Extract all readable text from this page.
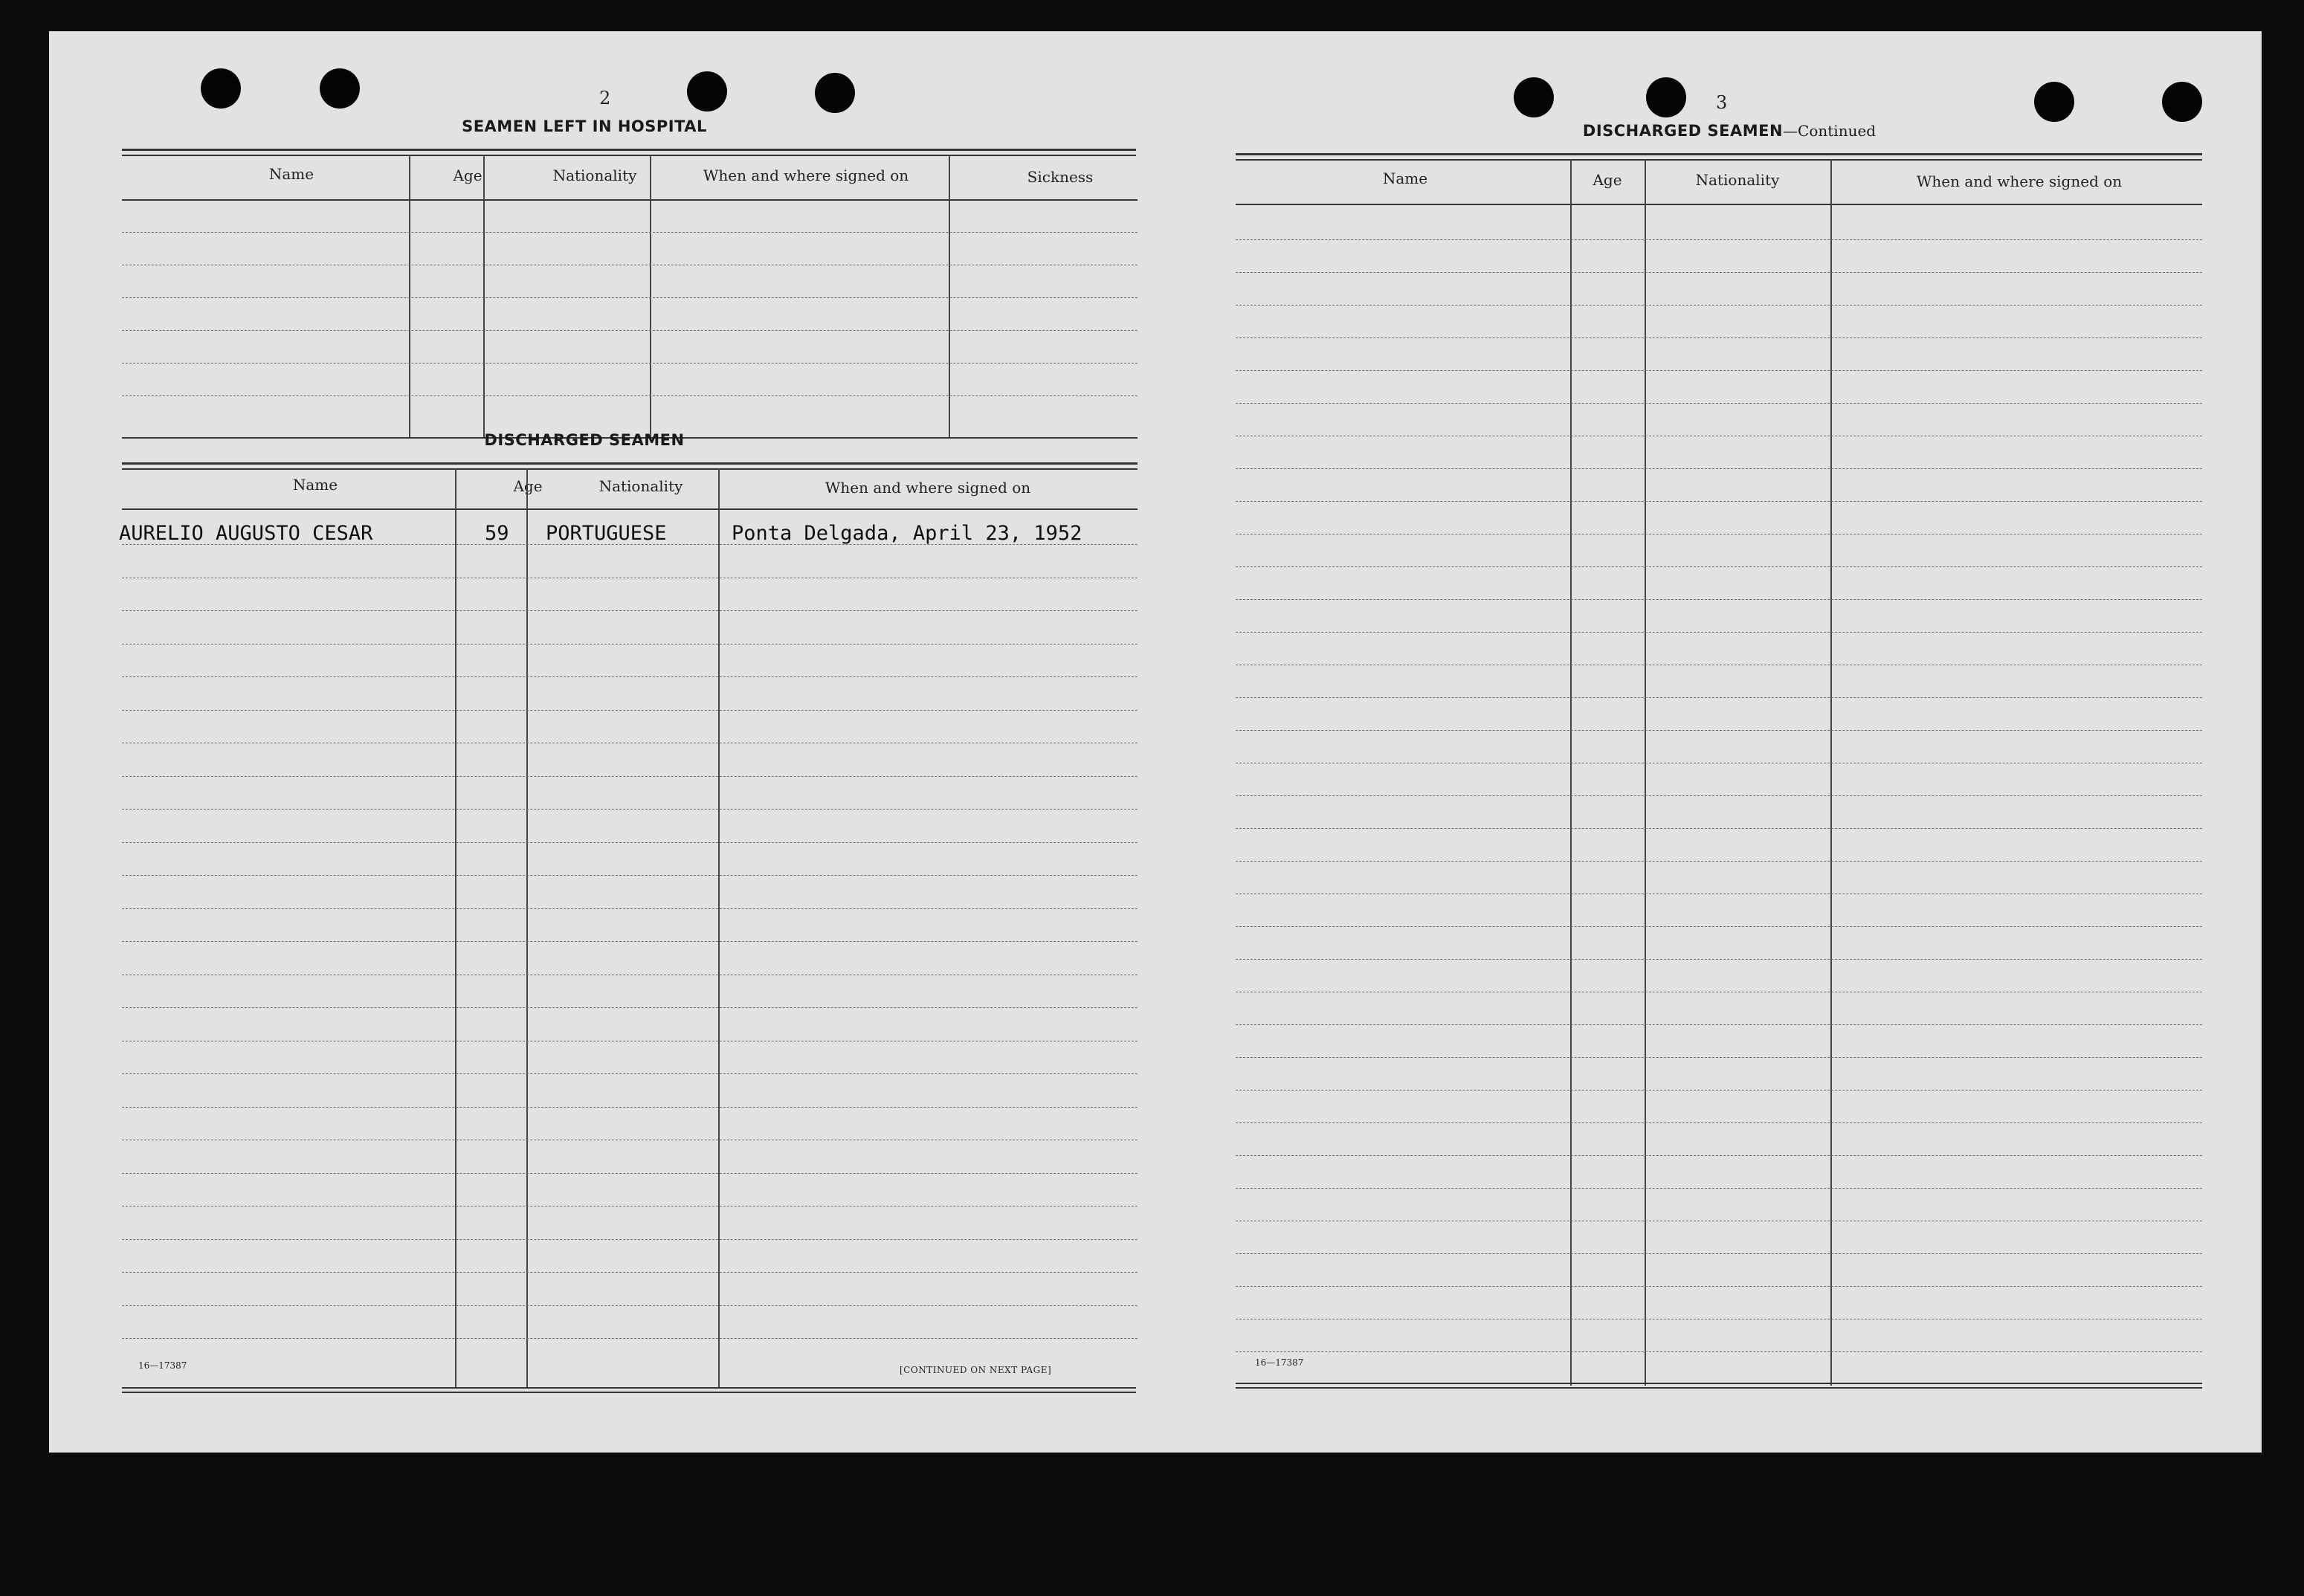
2
SEAMEN LEFT IN HOSPITAL
Name	Age	Nationality	When and where signed on	Sickness
DISCHARGED SEAMEN
Name	Age	Nationality	When and where signed on
AURELIO AUGUSTO CESAR	59 PORTUGUESE	Ponta Delgada, April 23, 1952
16—17387	[CONTINUED ON NEXT PAGE]
3
DISCHARGED SEAMEN—Continued
Name	Age	Nationality	When and where signed on
16—17387
